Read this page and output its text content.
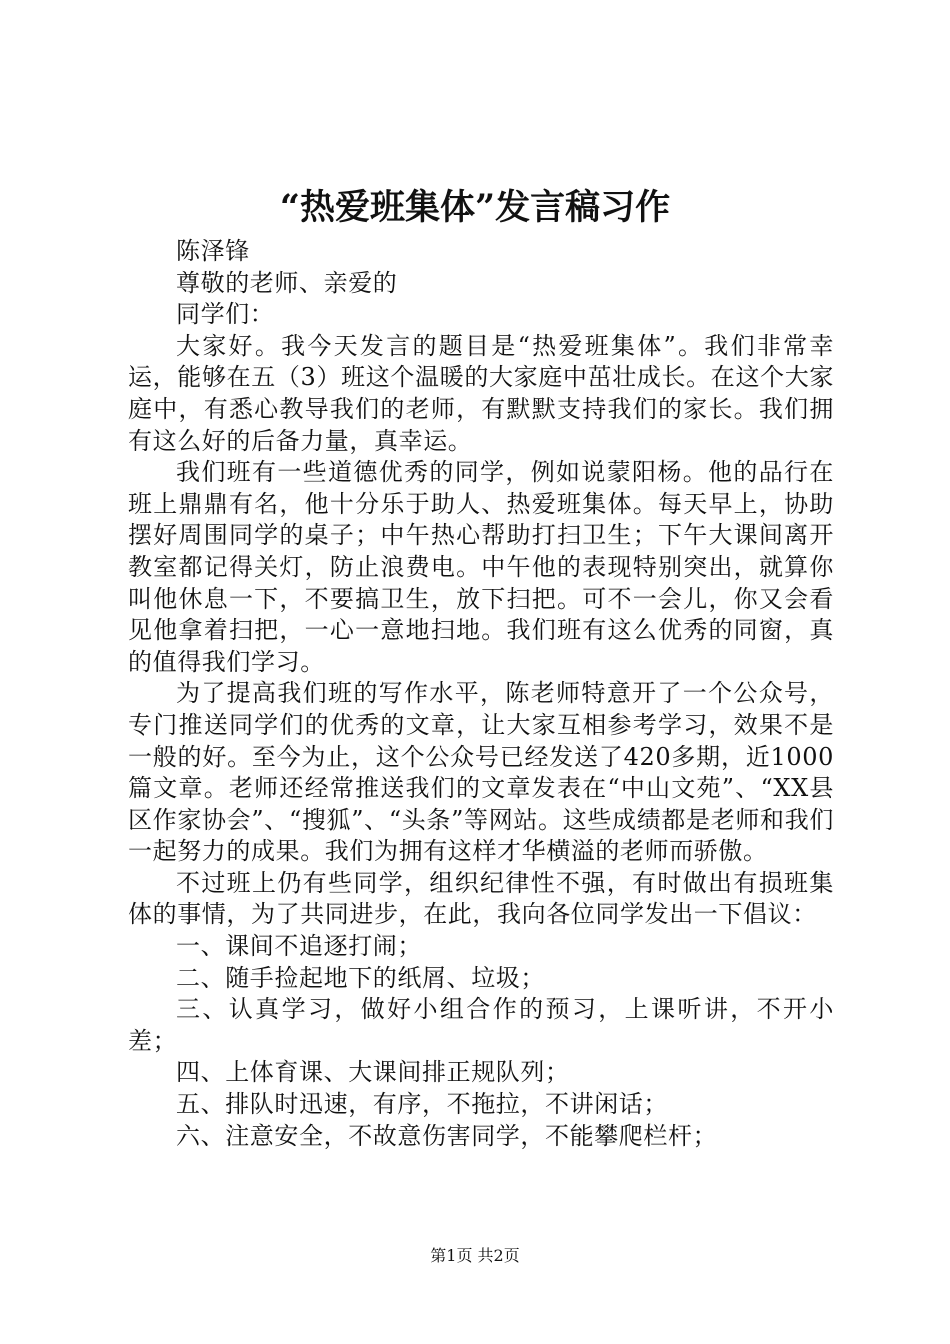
“热爱班集体”发言稿习作

陈泽锋

尊敬的老师、亲爱的

同学们：

大家好。我今天发言的题目是“热爱班集体”。我们非常幸运，能够在五（3）班这个温暖的大家庭中茁壮成长。在这个大家庭中，有悉心教导我们的老师，有默默支持我们的家长。我们拥有这么好的后备力量，真幸运。

我们班有一些道德优秀的同学，例如说蒙阳杨。他的品行在班上鼎鼎有名，他十分乐于助人、热爱班集体。每天早上，协助摆好周围同学的桌子；中午热心帮助打扫卫生；下午大课间离开教室都记得关灯，防止浪费电。中午他的表现特别突出，就算你叫他休息一下，不要搞卫生，放下扫把。可不一会儿，你又会看见他拿着扫把，一心一意地扫地。我们班有这么优秀的同窗，真的值得我们学习。

为了提高我们班的写作水平，陈老师特意开了一个公众号，专门推送同学们的优秀的文章，让大家互相参考学习，效果不是一般的好。至今为止，这个公众号已经发送了420多期，近1000篇文章。老师还经常推送我们的文章发表在“中山文苑”、“XX县区作家协会”、“搜狐”、“头条”等网站。这些成绩都是老师和我们一起努力的成果。我们为拥有这样才华横溢的老师而骄傲。

不过班上仍有些同学，组织纪律性不强，有时做出有损班集体的事情，为了共同进步，在此，我向各位同学发出一下倡议：

一、课间不追逐打闹；

二、随手捡起地下的纸屑、垃圾；

三、认真学习，做好小组合作的预习，上课听讲，不开小差；

四、上体育课、大课间排正规队列；

五、排队时迅速，有序，不拖拉，不讲闲话；

六、注意安全，不故意伤害同学，不能攀爬栏杆；

第1页 共2页
